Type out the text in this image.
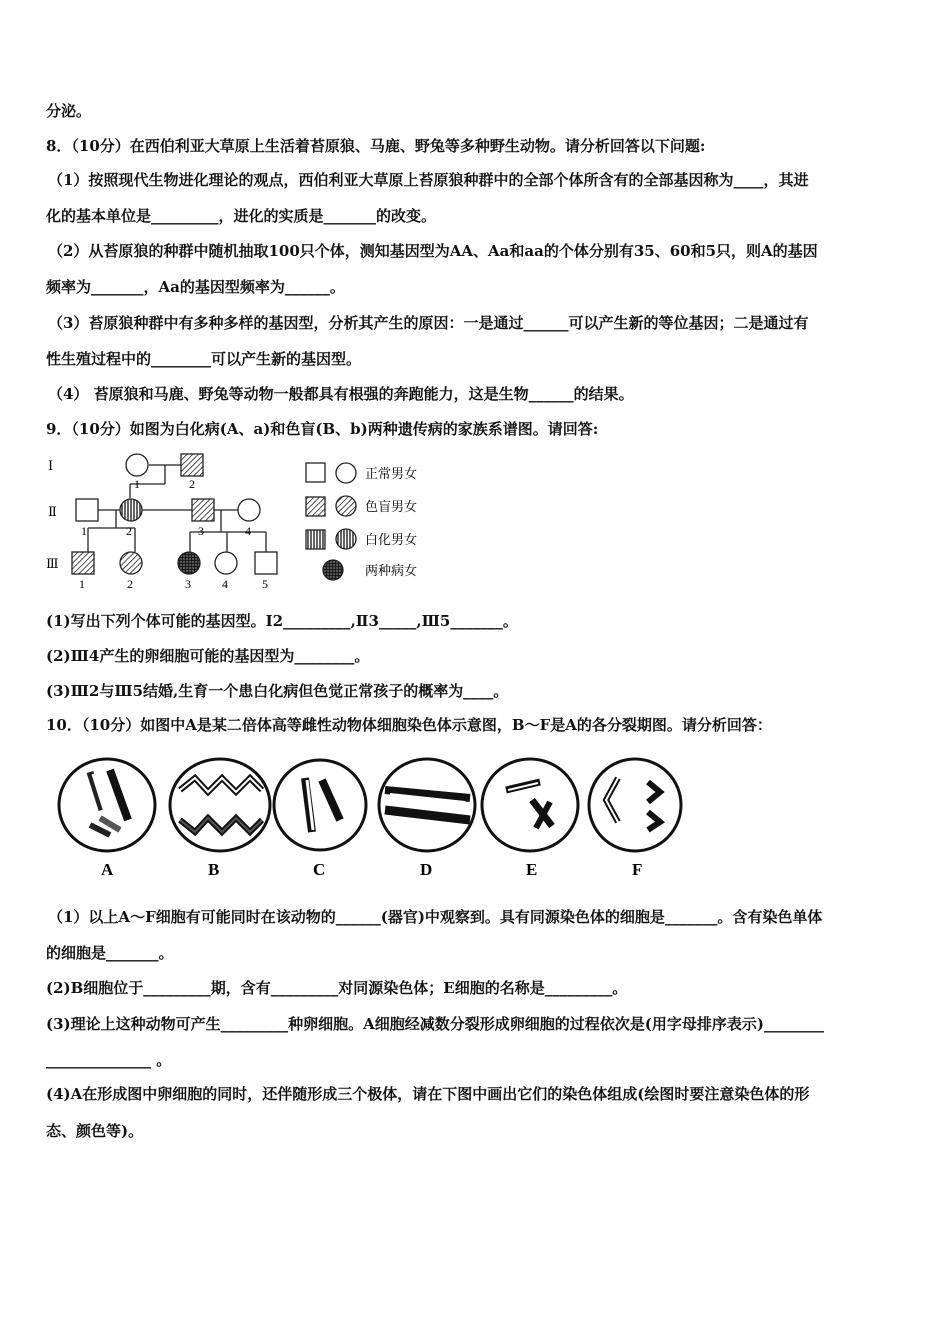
分泌。
8．（10分）在西伯利亚大草原上生活着苔原狼、马鹿、野兔等多种野生动物。请分析回答以下问题:
（1）按照现代生物进化理论的观点，西伯利亚大草原上苔原狼种群中的全部个体所含有的全部基因称为____，其进
化的基本单位是_________，进化的实质是_______的改变。
（2）从苔原狼的种群中随机抽取100只个体，测知基因型为AA、Aa和aa的个体分别有35、60和5只，则A的基因
频率为_______，Aa的基因型频率为______。
（3）苔原狼种群中有多种多样的基因型，分析其产生的原因：一是通过______可以产生新的等位基因；二是通过有
性生殖过程中的________可以产生新的基因型。
（4） 苔原狼和马鹿、野兔等动物一般都具有根强的奔跑能力，这是生物______的结果。
9．（10分）如图为白化病(A、a)和色盲(B、b)两种遗传病的家族系谱图。请回答:
Ⅰ
Ⅱ
Ⅲ
1	2
1	2	3	4
1	2	3	4	5
正常男女
色盲男女
白化男女
两种病女
(1)写出下列个体可能的基因型。Ⅰ2_________,Ⅱ3_____,Ⅲ5_______。
(2)Ⅲ4产生的卵细胞可能的基因型为________。
(3)Ⅲ2与Ⅲ5结婚,生育一个患白化病但色觉正常孩子的概率为____。
10．（10分）如图中A是某二倍体高等雌性动物体细胞染色体示意图，B～F是A的各分裂期图。请分析回答：
A	B	C	D	E	F
（1）以上A～F细胞有可能同时在该动物的______(器官)中观察到。具有同源染色体的细胞是_______。含有染色单体
的细胞是_______。
(2)B细胞位于_________期，含有_________对同源染色体；E细胞的名称是_________。
(3)理论上这种动物可产生_________种卵细胞。A细胞经减数分裂形成卵细胞的过程依次是(用字母排序表示)________
______________ 。
(4)A在形成图中卵细胞的同时，还伴随形成三个极体，请在下图中画出它们的染色体组成(绘图时要注意染色体的形
态、颜色等)。
